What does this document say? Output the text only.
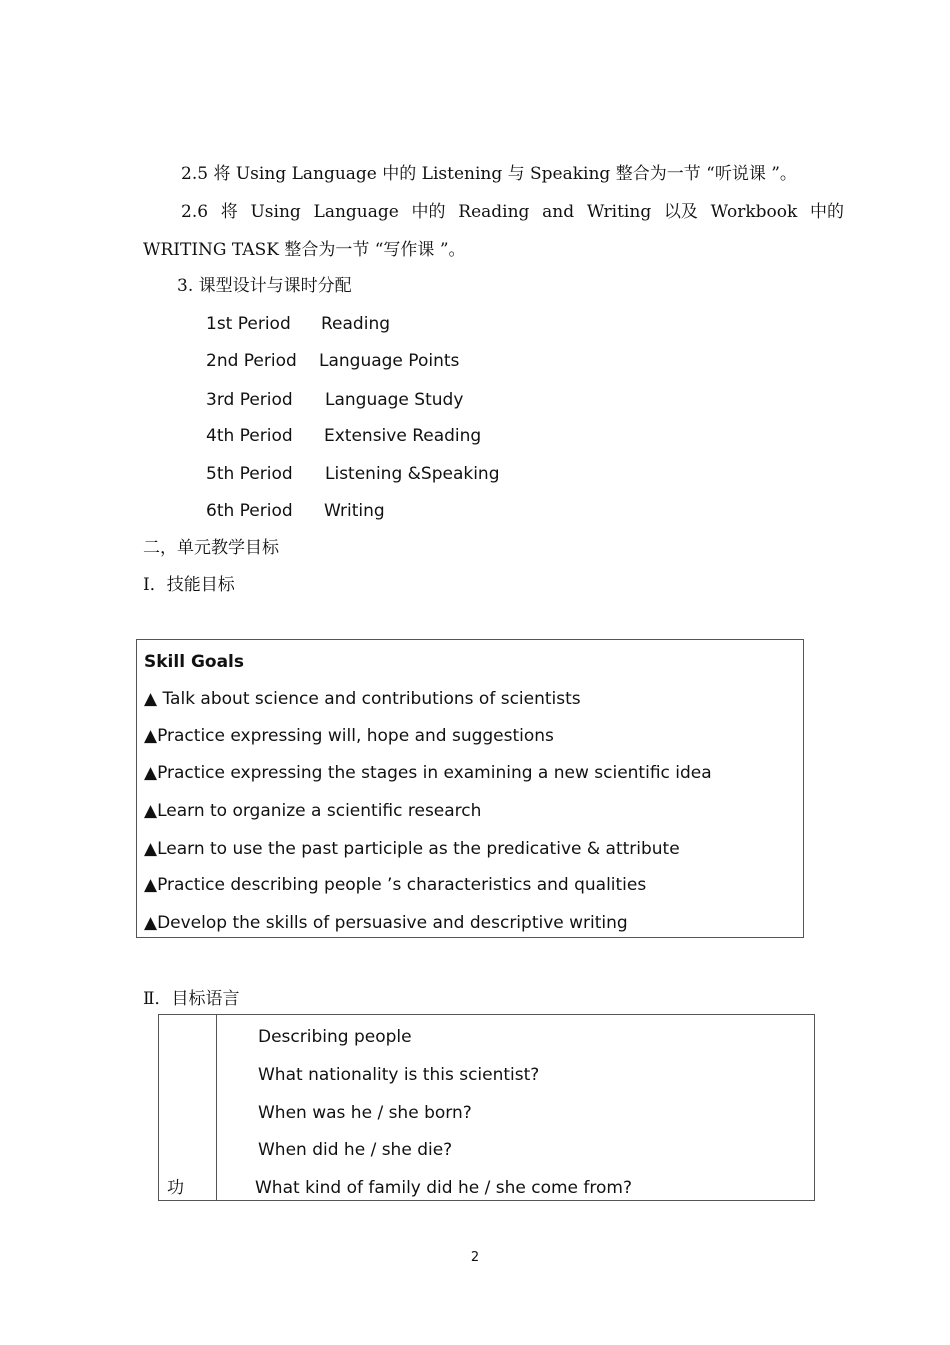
2.5 将 Using Language 中的 Listening 与 Speaking 整合为一节 “听说课 ”。
2.6 将 Using Language 中的 Reading and Writing 以及 Workbook 中的
WRITING TASK 整合为一节 “写作课 ”。
3. 课型设计与课时分配
1st Period Reading
2nd Period Language Points
3rd Period Language Study
4th Period Extensive Reading
5th Period Listening &Speaking
6th Period Writing
二，单元教学目标
Ⅰ．技能目标
Skill Goals
▲ Talk about science and contributions of scientists
▲Practice expressing will, hope and suggestions
▲Practice expressing the stages in examining a new scientific idea
▲Learn to organize a scientific research
▲Learn to use the past participle as the predicative & attribute
▲Practice describing people ’s characteristics and qualities
▲Develop the skills of persuasive and descriptive writing
Ⅱ．目标语言
功
Describing people
What nationality is this scientist?
When was he / she born?
When did he / she die?
What kind of family did he / she come from?
2
